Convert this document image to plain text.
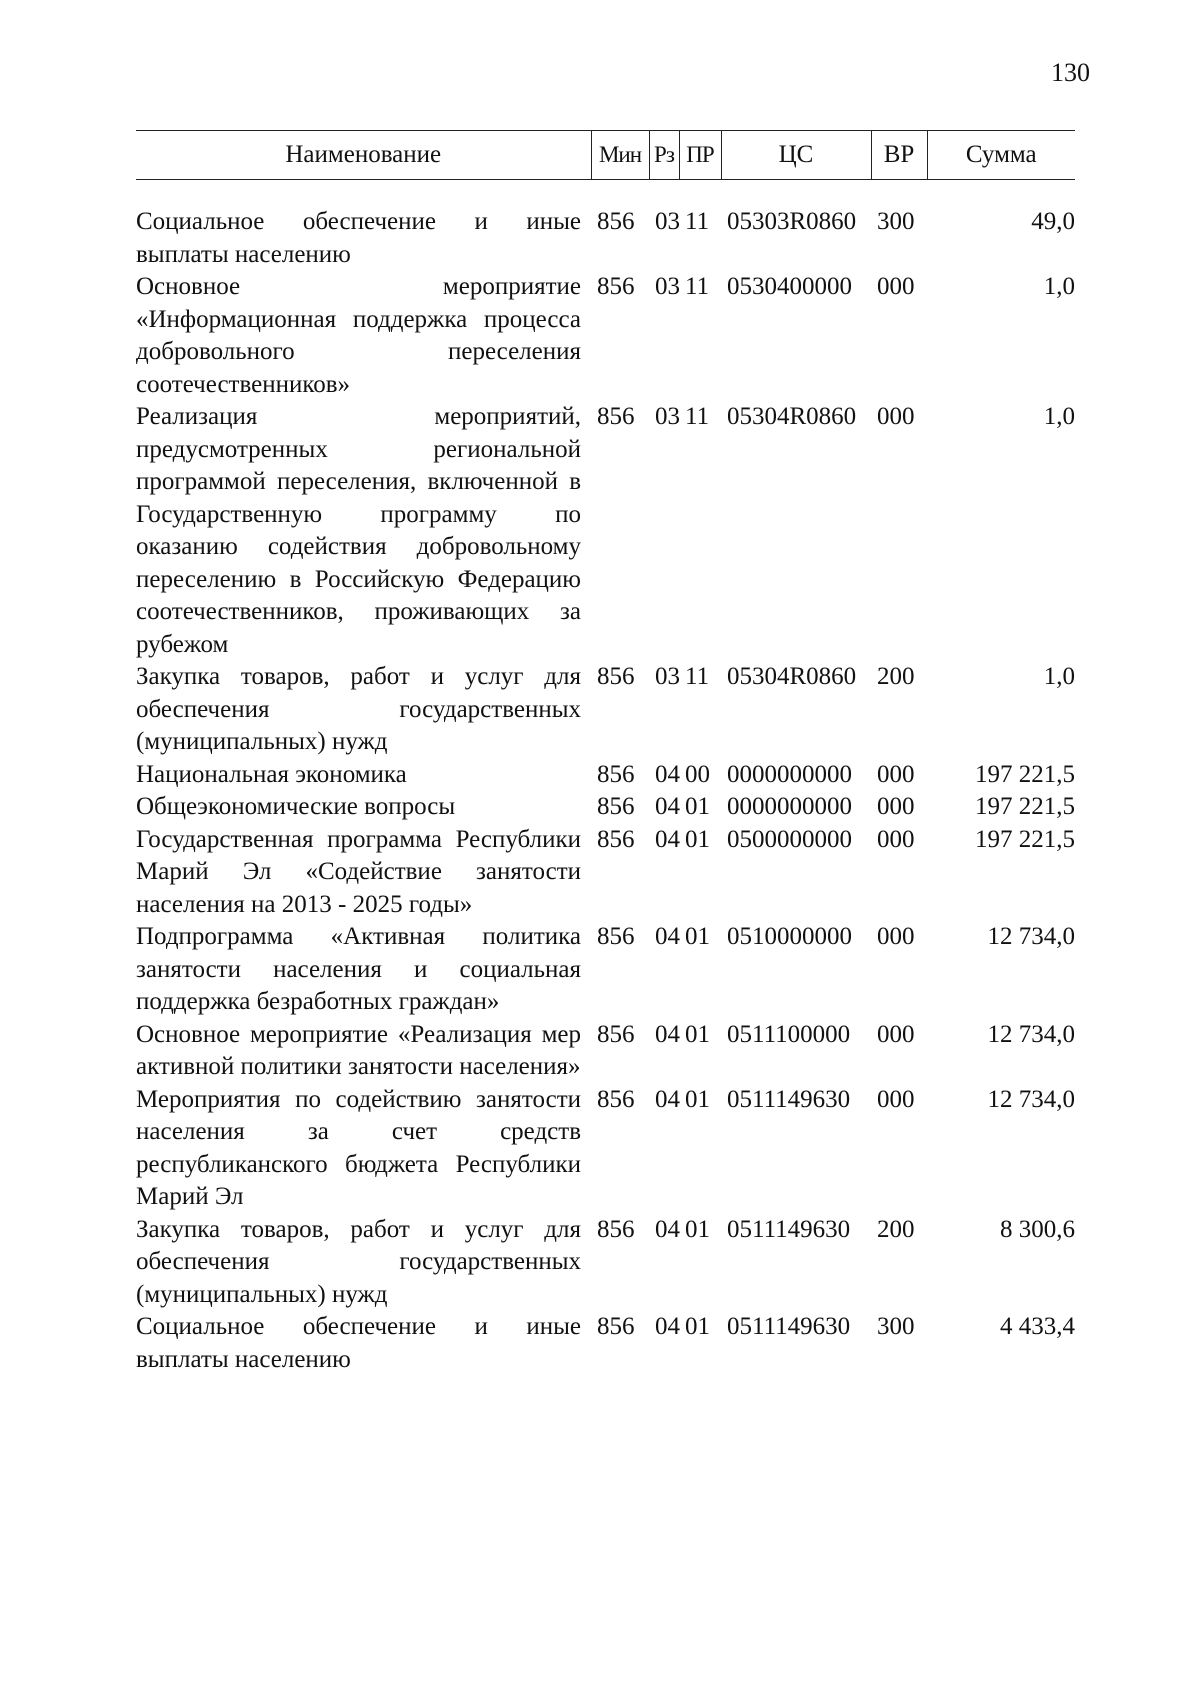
130
Наименование	Мин	Рз	ПР	ЦС	ВР	Сумма

Социальное обеспечение и иные выплаты населению	856	03	11	05303R0860	300	49,0
Основное мероприятие «Информационная поддержка процесса добровольного переселения соотечественников»	856	03	11	0530400000	000	1,0
Реализация мероприятий, предусмотренных региональной программой переселения, включенной в Государственную программу по оказанию содействия добровольному переселению в Российскую Федерацию соотечественников, проживающих за рубежом	856	03	11	05304R0860	000	1,0
Закупка товаров, работ и услуг для обеспечения государственных (муниципальных) нужд	856	03	11	05304R0860	200	1,0
Национальная экономика	856	04	00	0000000000	000	197 221,5
Общеэкономические вопросы	856	04	01	0000000000	000	197 221,5
Государственная программа Республики Марий Эл «Содействие занятости населения на 2013 - 2025 годы»	856	04	01	0500000000	000	197 221,5
Подпрограмма «Активная политика занятости населения и социальная поддержка безработных граждан»	856	04	01	0510000000	000	12 734,0
Основное мероприятие «Реализация мер активной политики занятости населения»	856	04	01	0511100000	000	12 734,0
Мероприятия по содействию занятости населения за счет средств республиканского бюджета Республики Марий Эл	856	04	01	0511149630	000	12 734,0
Закупка товаров, работ и услуг для обеспечения государственных (муниципальных) нужд	856	04	01	0511149630	200	8 300,6
Социальное обеспечение и иные выплаты населению	856	04	01	0511149630	300	4 433,4
